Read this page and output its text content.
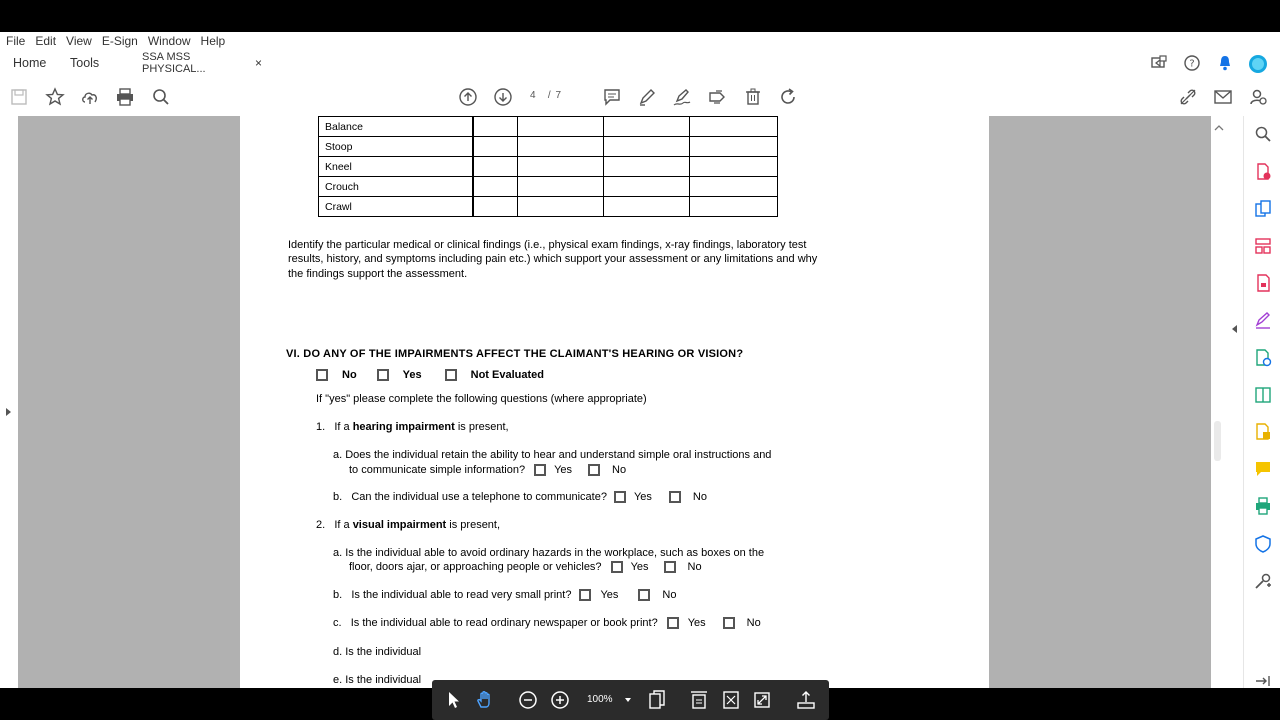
File Edit View E-Sign Window Help
Home Tools	SSA MSS PHYSICAL...	×	?
4 / 7
Balance				
Stoop				
Kneel				
Crouch				
Crawl				
Identify the particular medical or clinical findings (i.e., physical exam findings, x-ray findings, laboratory test
results, history, and symptoms including pain etc.) which support your assessment or any limitations and why
the findings support the assessment.
VI. DO ANY OF THE IMPAIRMENTS AFFECT THE CLAIMANT'S HEARING OR VISION?
No	Yes	Not Evaluated
If "yes" please complete the following questions (where appropriate)
1.   If a hearing impairment is present,
a. Does the individual retain the ability to hear and understand simple oral instructions and
to communicate simple information?	Yes	No
b.   Can the individual use a telephone to communicate? Yes	No
2.   If a visual impairment is present,
a. Is the individual able to avoid ordinary hazards in the workplace, such as boxes on the
floor, doors ajar, or approaching people or vehicles?	Yes	No
b.   Is the individual able to read very small print?	Yes	No
c.   Is the individual able to read ordinary newspaper or book print?	Yes	No
d. Is the individual
e. Is the individual
100%
